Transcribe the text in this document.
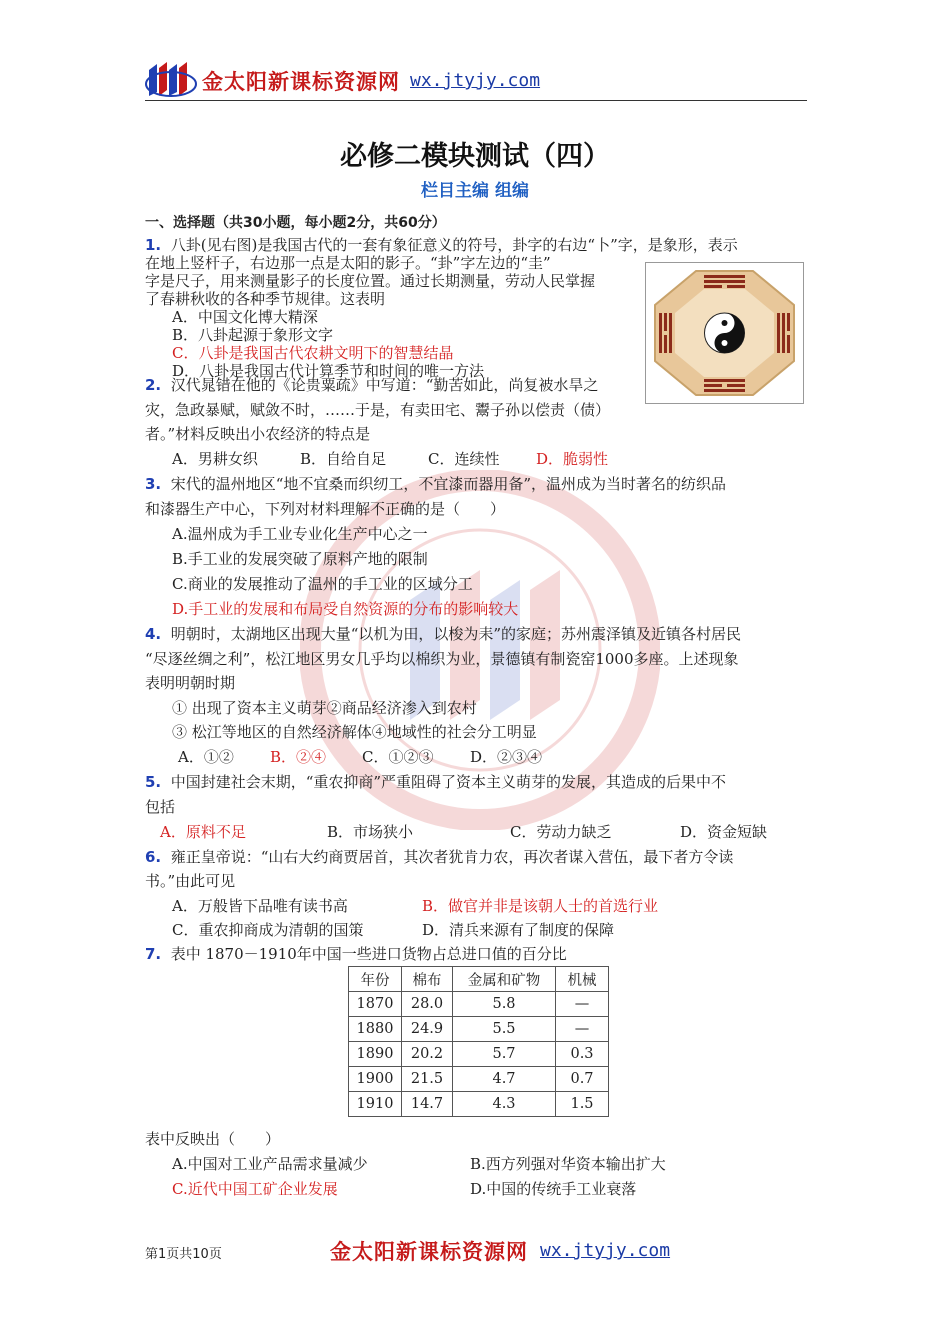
金太阳新课标资源网 wx.jtyjy.com
必修二模块测试（四）
栏目主编 组编
一、选择题（共30小题，每小题2分，共60分）
1. 八卦(见右图)是我国古代的一套有象征意义的符号，卦字的右边“卜”字，是象形，表示
在地上竖杆子，右边那一点是太阳的影子。“卦”字左边的“圭”
字是尺子，用来测量影子的长度位置。通过长期测量，劳动人民掌握
了春耕秋收的各种季节规律。这表明
A．中国文化博大精深
B．八卦起源于象形文字
C．八卦是我国古代农耕文明下的智慧结晶
D．八卦是我国古代计算季节和时间的唯一方法
2. 汉代晁错在他的《论贵粟疏》中写道：“勤苦如此，尚复被水旱之
灾，急政暴赋，赋敛不时，……于是，有卖田宅、鬻子孙以偿责（债）
者。”材料反映出小农经济的特点是
A．男耕女织	B．自给自足	C．连续性 D．脆弱性
3. 宋代的温州地区“地不宜桑而织纫工，不宜漆而器用备”，温州成为当时著名的纺织品
和漆器生产中心，下列对材料理解不正确的是（　　）
A.温州成为手工业专业化生产中心之一
B.手工业的发展突破了原料产地的限制
C.商业的发展推动了温州的手工业的区域分工
D.手工业的发展和布局受自然资源的分布的影响较大
4. 明朝时，太湖地区出现大量“以机为田，以梭为耒”的家庭；苏州震泽镇及近镇各村居民
“尽逐丝绸之利”，松江地区男女几乎均以棉织为业，景德镇有制瓷窑1000多座。上述现象
表明明朝时期
① 出现了资本主义萌芽②商品经济渗入到农村
③ 松江等地区的自然经济解体④地域性的社会分工明显
A．①② B．②④ C．①②③ D．②③④
5. 中国封建社会末期，“重农抑商”严重阻碍了资本主义萌芽的发展，其造成的后果中不
包括
A．原料不足	B．市场狭小	C．劳动力缺乏	D．资金短缺
6. 雍正皇帝说：“山右大约商贾居首，其次者犹肯力农，再次者谋入营伍，最下者方令读
书。”由此可见
A．万般皆下品唯有读书高	B．做官并非是该朝人士的首选行业
C．重农抑商成为清朝的国策	D．清兵来源有了制度的保障
7. 表中 1870－1910年中国一些进口货物占总进口值的百分比
年份	棉布	金属和矿物	机械
1870	28.0	5.8	—
1880	24.9	5.5	—
1890	20.2	5.7	0.3
1900	21.5	4.7	0.7
1910	14.7	4.3	1.5
表中反映出（　　）
A.中国对工业产品需求量减少	B.西方列强对华资本输出扩大
C.近代中国工矿企业发展	D.中国的传统手工业衰落
第1页共10页	金太阳新课标资源网 wx.jtyjy.com
